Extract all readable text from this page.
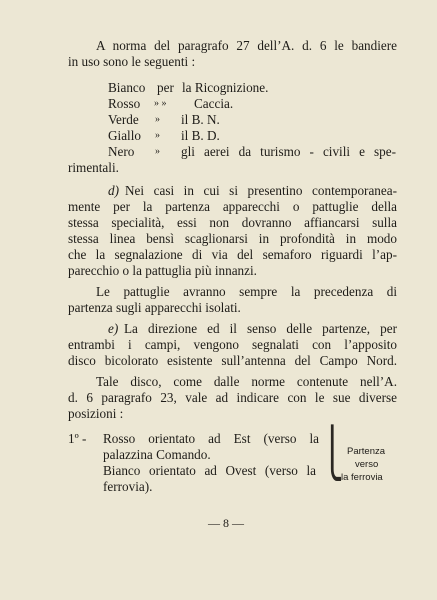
A norma del paragrafo 27 dell’A. d. 6 le bandiere
in uso sono le seguenti :
Bianco per la Ricognizione.
Rosso » » Caccia.
Verde » il B. N.
Giallo » il B. D.
Nero » gli aerei da turismo - civili e spe-
rimentali.
d) Nei casi in cui si presentino contemporanea-
mente per la partenza apparecchi o pattuglie della
stessa specialità, essi non dovranno affiancarsi sulla
stessa linea bensì scaglionarsi in profondità in modo
che la segnalazione di via del semaforo riguardi l’ap-
parecchio o la pattuglia più innanzi.
Le pattuglie avranno sempre la precedenza di
partenza sugli apparecchi isolati.
e) La direzione ed il senso delle partenze, per
entrambi i campi, vengono segnalati con l’apposito
disco bicolorato esistente sull’antenna del Campo Nord.
Tale disco, come dalle norme contenute nell’A.
d. 6 paragrafo 23, vale ad indicare con le sue diverse
posizioni :
1º - Rosso orientato ad Est (verso la
palazzina Comando.
Bianco orientato ad Ovest (verso la
ferrovia).
⎩ Partenza
verso
la ferrovia
— 8 —
